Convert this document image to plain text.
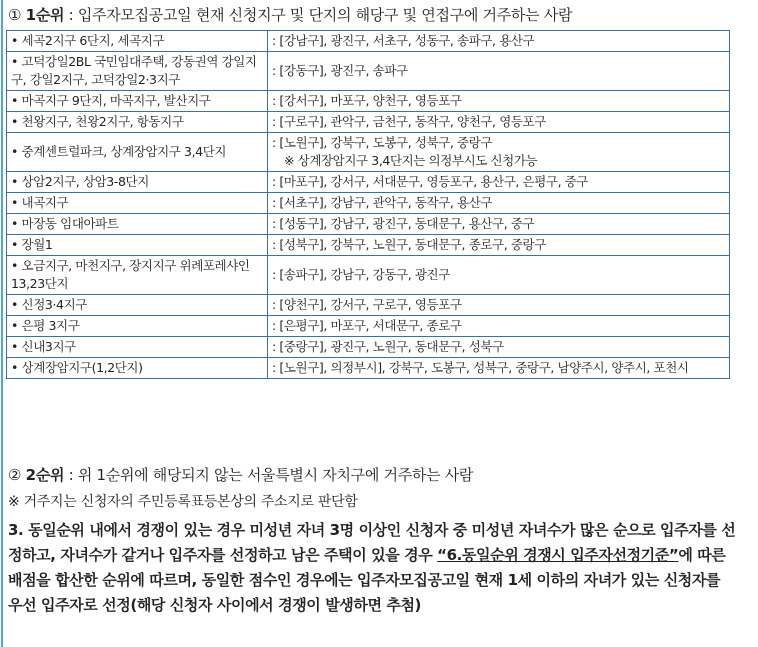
① 1순위 : 입주자모집공고일 현재 신청지구 및 단지의 해당구 및 연접구에 거주하는 사람
• 세곡2지구 6단지, 세곡지구	: [강남구], 광진구, 서초구, 성동구, 송파구, 용산구
• 고덕강일2BL 국민임대주택, 강동권역 강일지구, 강일2지구, 고덕강일2·3지구	: [강동구], 광진구, 송파구
• 마곡지구 9단지, 마곡지구, 발산지구	: [강서구], 마포구, 양천구, 영등포구
• 천왕지구, 천왕2지구, 항동지구	: [구로구], 관악구, 금천구, 동작구, 양천구, 영등포구
• 중계센트럴파크, 상계장암지구 3,4단지	: [노원구], 강북구, 도봉구, 성북구, 중랑구
※ 상계장암지구 3,4단지는 의정부시도 신청가능

• 상암2지구, 상암3-8단지	: [마포구], 강서구, 서대문구, 영등포구, 용산구, 은평구, 중구
• 내곡지구	: [서초구], 강남구, 관악구, 동작구, 용산구
• 마장동 임대아파트	: [성동구], 강남구, 광진구, 동대문구, 용산구, 중구
• 장월1	: [성북구], 강북구, 노원구, 동대문구, 종로구, 중랑구
• 오금지구, 마천지구, 장지지구 위례포레샤인 13,23단지	: [송파구], 강남구, 강동구, 광진구
• 신정3·4지구	: [양천구], 강서구, 구로구, 영등포구
• 은평 3지구	: [은평구], 마포구, 서대문구, 종로구
• 신내3지구	: [중랑구], 광진구, 노원구, 동대문구, 성북구
• 상계장암지구(1,2단지)	: [노원구], 의정부시], 강북구, 도봉구, 성북구, 중랑구, 남양주시, 양주시, 포천시
② 2순위 : 위 1순위에 해당되지 않는 서울특별시 자치구에 거주하는 사람
※ 거주지는 신청자의 주민등록표등본상의 주소지로 판단함
3. 동일순위 내에서 경쟁이 있는 경우 미성년 자녀 3명 이상인 신청자 중 미성년 자녀수가 많은 순으로 입주자를 선정하고, 자녀수가 같거나 입주자를 선정하고 남은 주택이 있을 경우 “6.동일순위 경쟁시 입주자선정기준”에 따른 배점을 합산한 순위에 따르며, 동일한 점수인 경우에는 입주자모집공고일 현재 1세 이하의 자녀가 있는 신청자를 우선 입주자로 선정(해당 신청자 사이에서 경쟁이 발생하면 추첨)
